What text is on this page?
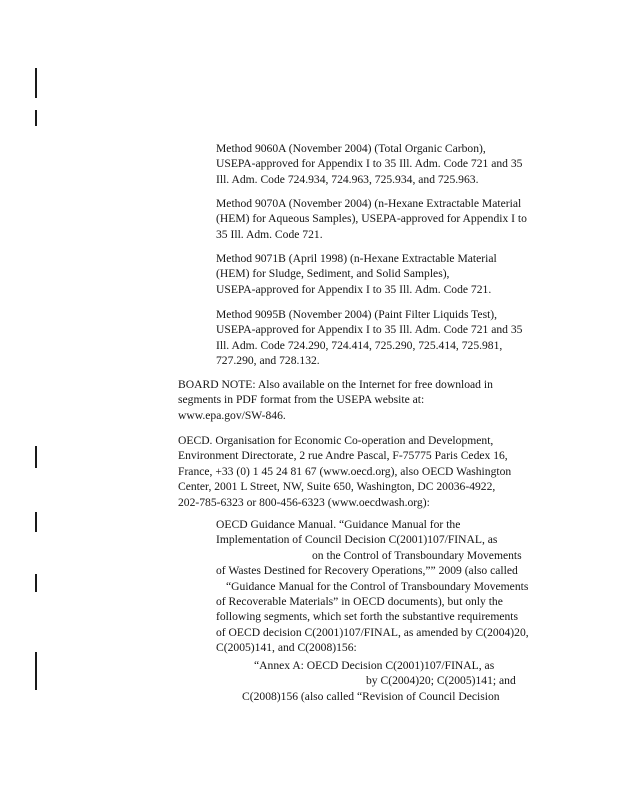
Method 9060A (November 2004) (Total Organic Carbon),
USEPA-approved for Appendix I to 35 Ill. Adm. Code 721 and 35
Ill. Adm. Code 724.934, 724.963, 725.934, and 725.963.

Method 9070A (November 2004) (n-Hexane Extractable Material
(HEM) for Aqueous Samples), USEPA-approved for Appendix I to
35 Ill. Adm. Code 721.

Method 9071B (April 1998) (n-Hexane Extractable Material
(HEM) for Sludge, Sediment, and Solid Samples),
USEPA-approved for Appendix I to 35 Ill. Adm. Code 721.

Method 9095B (November 2004) (Paint Filter Liquids Test),
USEPA-approved for Appendix I to 35 Ill. Adm. Code 721 and 35
Ill. Adm. Code 724.290, 724.414, 725.290, 725.414, 725.981,
727.290, and 728.132.

BOARD NOTE: Also available on the Internet for free download in
segments in PDF format from the USEPA website at:
www.epa.gov/SW-846.

OECD. Organisation for Economic Co-operation and Development,
Environment Directorate, 2 rue Andre Pascal, F-75775 Paris Cedex 16,
France, +33 (0) 1 45 24 81 67 (www.oecd.org), also OECD Washington
Center, 2001 L Street, NW, Suite 650, Washington, DC 20036-4922,
202-785-6323 or 800-456-6323 (www.oecdwash.org):

OECD Guidance Manual. “Guidance Manual for the
Implementation of Council Decision C(2001)107/FINAL, as
on the Control of Transboundary Movements
of Wastes Destined for Recovery Operations,”” 2009 (also called
“Guidance Manual for the Control of Transboundary Movements
of Recoverable Materials” in OECD documents), but only the
following segments, which set forth the substantive requirements
of OECD decision C(2001)107/FINAL, as amended by C(2004)20,
C(2005)141, and C(2008)156:
“Annex A: OECD Decision C(2001)107/FINAL, as
by C(2004)20; C(2005)141; and
C(2008)156 (also called “Revision of Council Decision
